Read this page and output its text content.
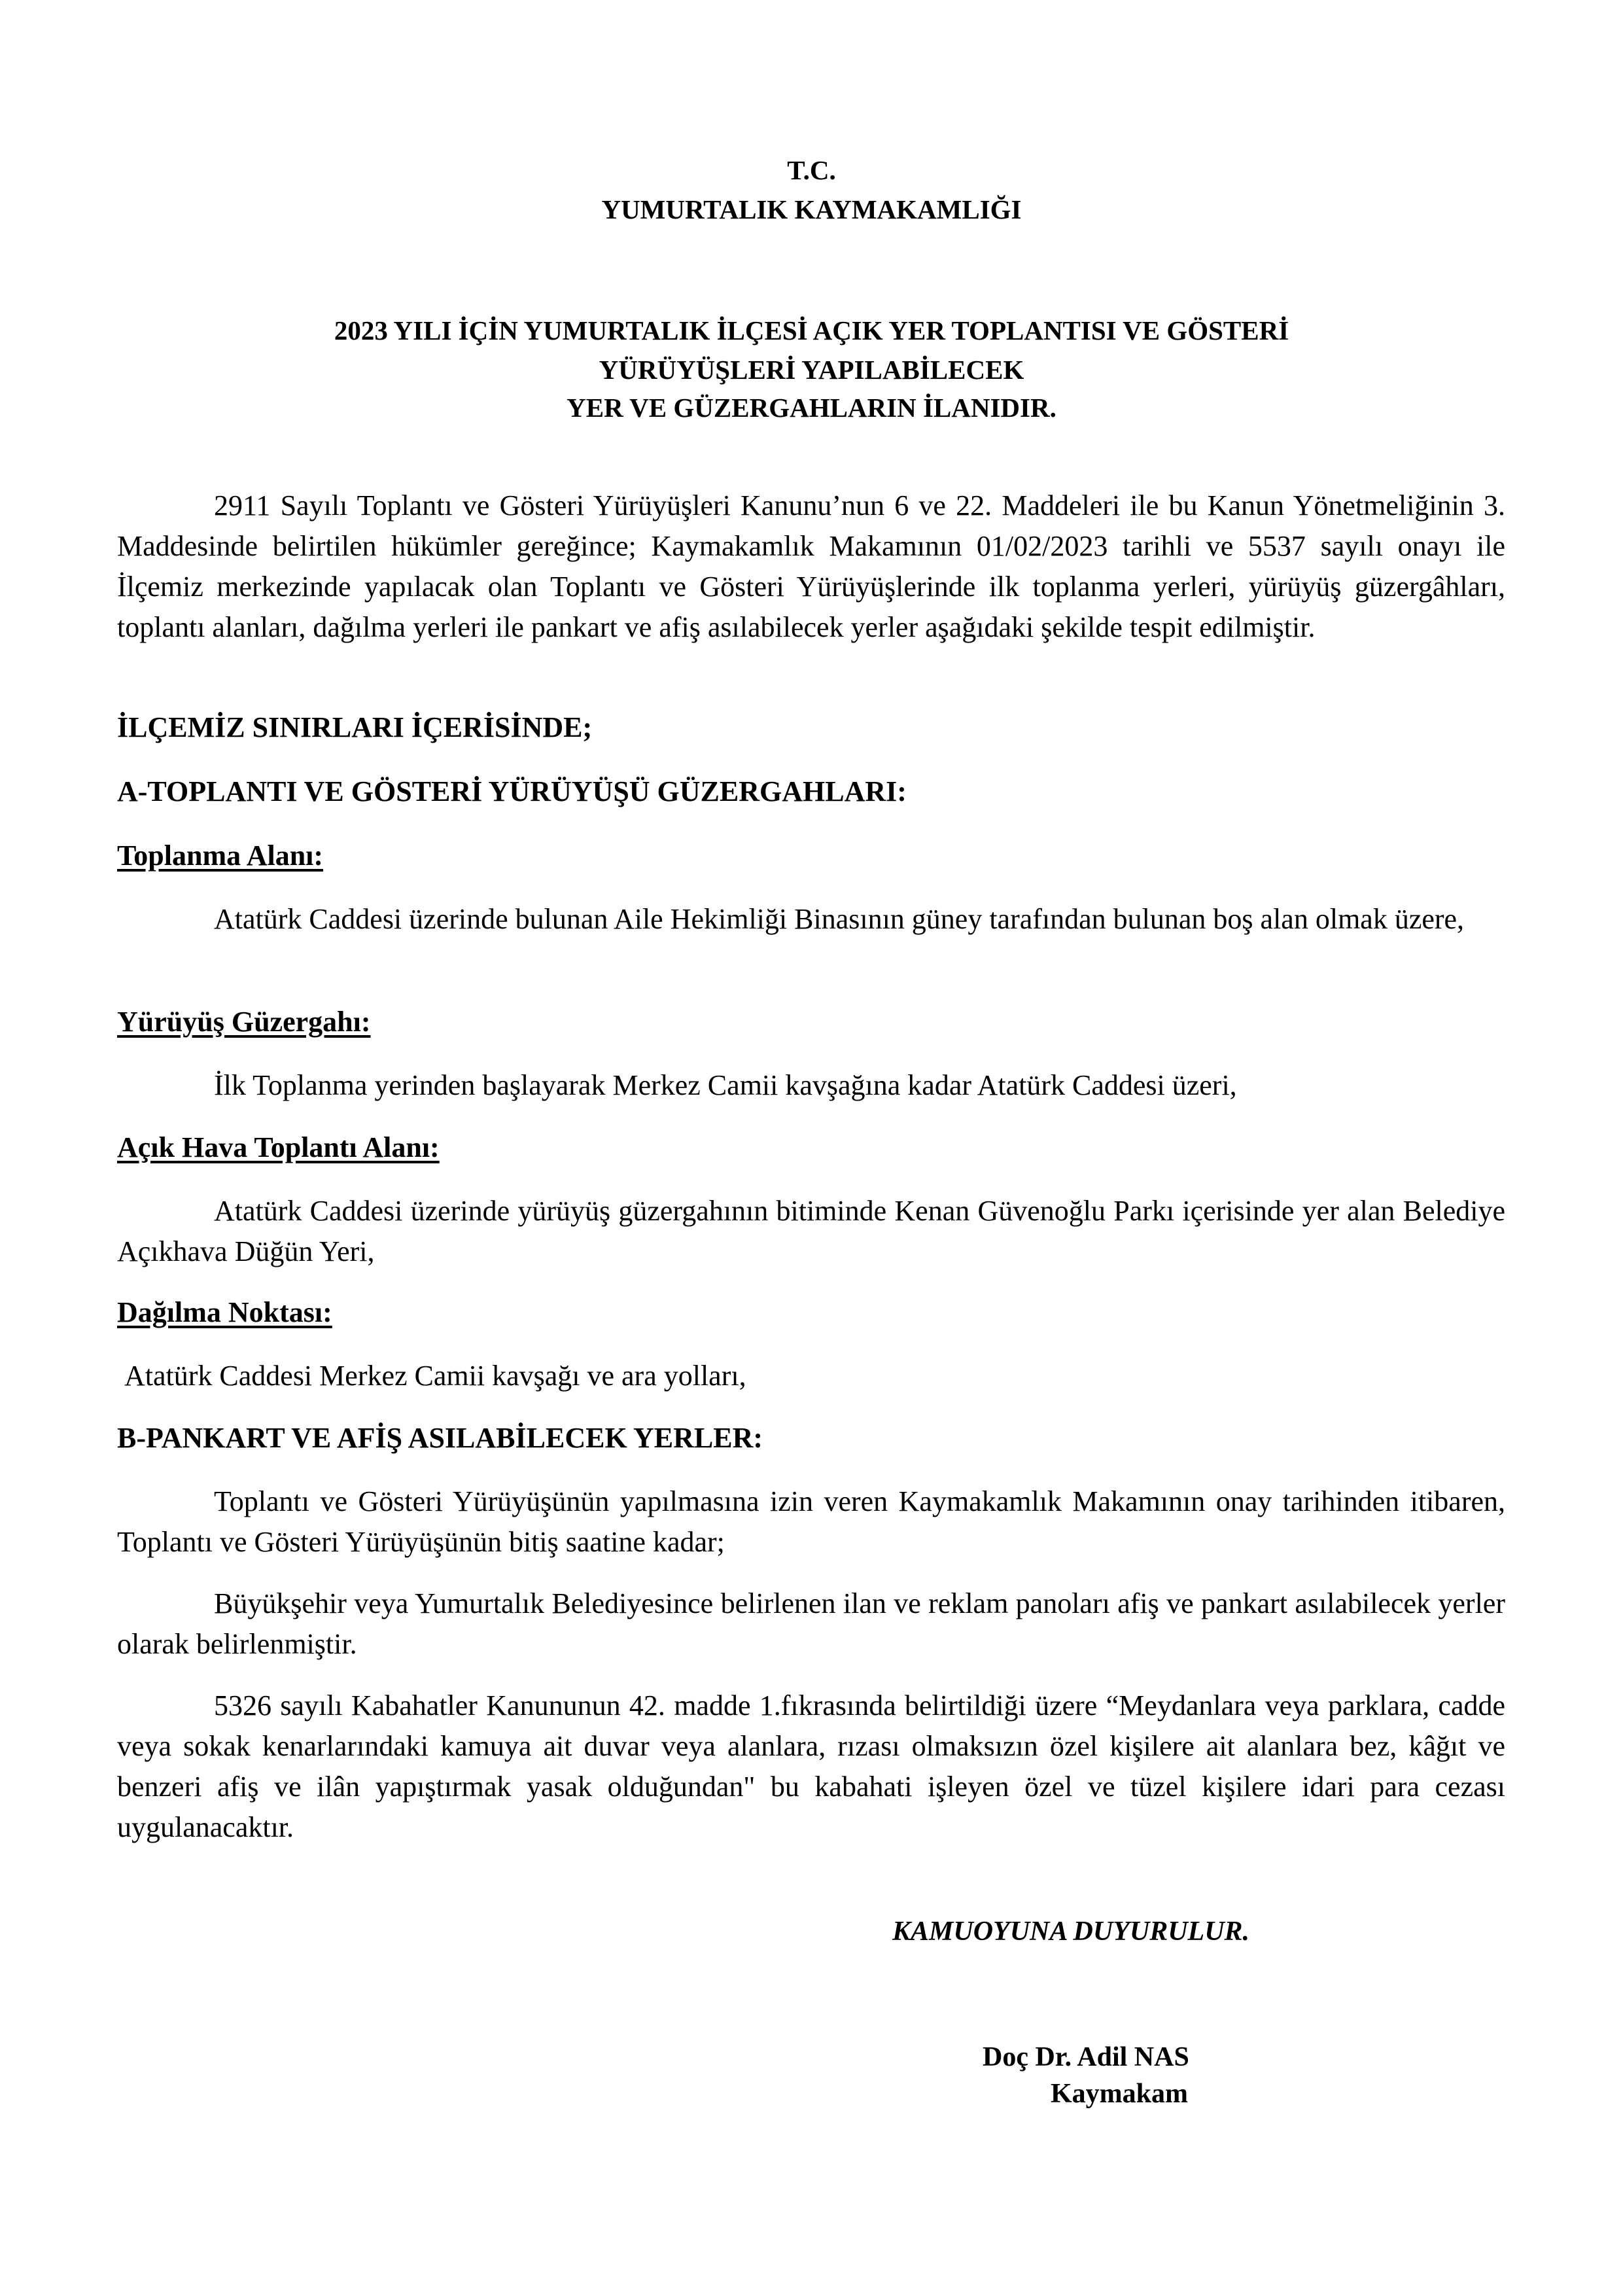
T.C.
YUMURTALIK KAYMAKAMLIĞI
2023 YILI İÇİN YUMURTALIK İLÇESİ AÇIK YER TOPLANTISI VE GÖSTERİ
YÜRÜYÜŞLERİ YAPILABİLECEK
YER VE GÜZERGAHLARIN İLANIDIR.
2911 Sayılı Toplantı ve Gösteri Yürüyüşleri Kanunu’nun 6 ve 22. Maddeleri ile bu Kanun Yönetmeliğinin 3. Maddesinde belirtilen hükümler gereğince; Kaymakamlık Makamının 01/02/2023 tarihli ve 5537 sayılı onayı ile İlçemiz merkezinde yapılacak olan Toplantı ve Gösteri Yürüyüşlerinde ilk toplanma yerleri, yürüyüş güzergâhları, toplantı alanları, dağılma yerleri ile pankart ve afiş asılabilecek yerler aşağıdaki şekilde tespit edilmiştir.
İLÇEMİZ SINIRLARI İÇERİSİNDE;
A-TOPLANTI VE GÖSTERİ YÜRÜYÜŞÜ GÜZERGAHLARI:
Toplanma Alanı:
Atatürk Caddesi üzerinde bulunan Aile Hekimliği Binasının güney tarafından bulunan boş alan olmak üzere,
Yürüyüş Güzergahı:
İlk Toplanma yerinden başlayarak Merkez Camii kavşağına kadar Atatürk Caddesi üzeri,
Açık Hava Toplantı Alanı:
Atatürk Caddesi üzerinde yürüyüş güzergahının bitiminde Kenan Güvenoğlu Parkı içerisinde yer alan Belediye Açıkhava Düğün Yeri,
Dağılma Noktası:
Atatürk Caddesi Merkez Camii kavşağı ve ara yolları,
B-PANKART VE AFİŞ ASILABİLECEK YERLER:
Toplantı ve Gösteri Yürüyüşünün yapılmasına izin veren Kaymakamlık Makamının onay tarihinden itibaren, Toplantı ve Gösteri Yürüyüşünün bitiş saatine kadar;
Büyükşehir veya Yumurtalık Belediyesince belirlenen ilan ve reklam panoları afiş ve pankart asılabilecek yerler olarak belirlenmiştir.
5326 sayılı Kabahatler Kanununun 42. madde 1.fıkrasında belirtildiği üzere “Meydanlara veya parklara, cadde veya sokak kenarlarındaki kamuya ait duvar veya alanlara, rızası olmaksızın özel kişilere ait alanlara bez, kâğıt ve benzeri afiş ve ilân yapıştırmak yasak olduğundan" bu kabahati işleyen özel ve tüzel kişilere idari para cezası uygulanacaktır.
KAMUOYUNA DUYURULUR.
Doç Dr. Adil NAS
Kaymakam
